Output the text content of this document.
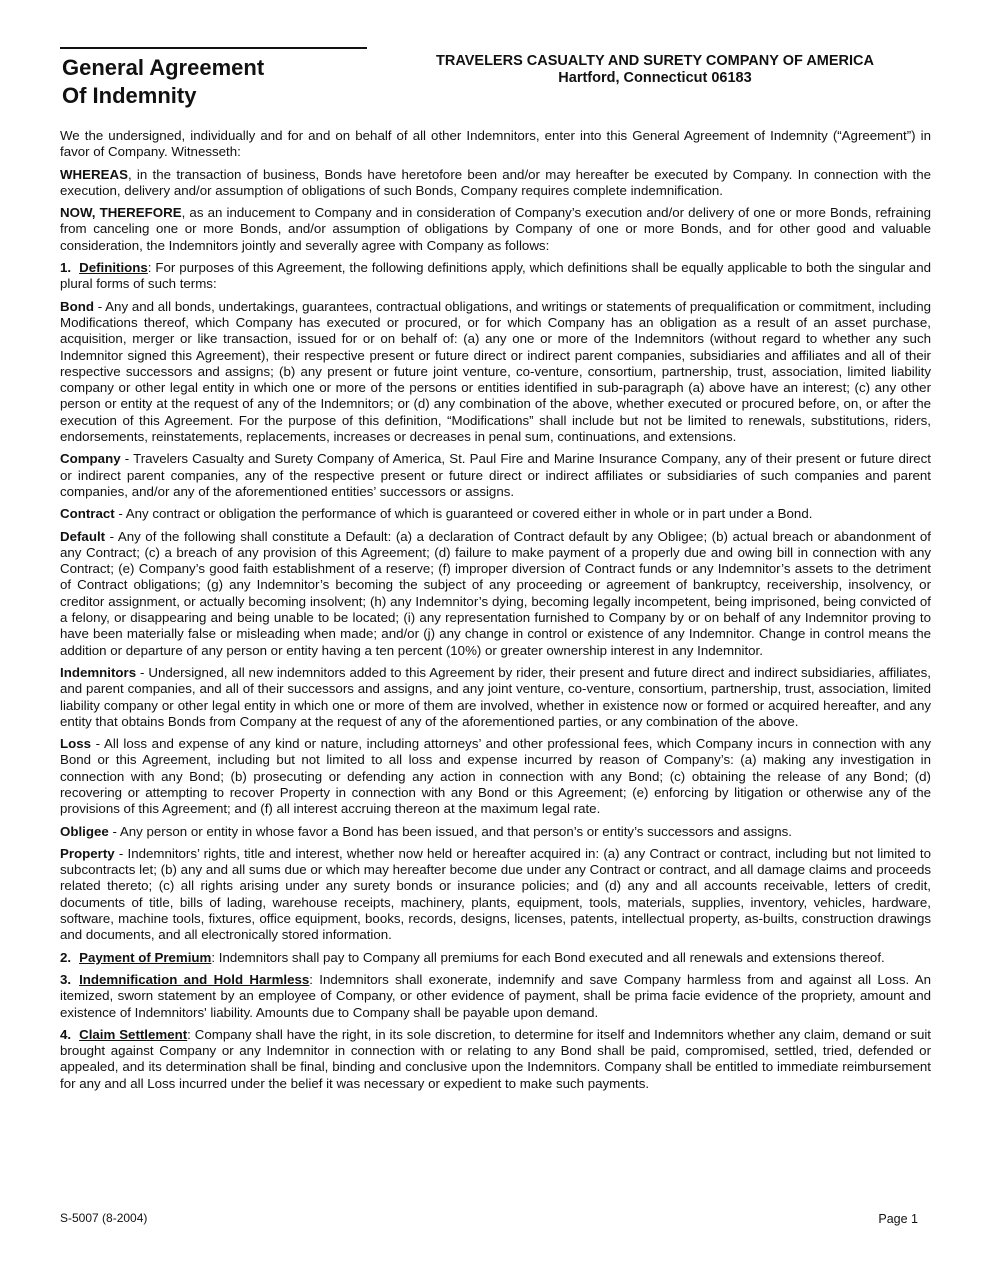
General Agreement
Of Indemnity
TRAVELERS CASUALTY AND SURETY COMPANY OF AMERICA
Hartford, Connecticut 06183

We the undersigned, individually and for and on behalf of all other Indemnitors, enter into this General Agreement of Indemnity (“Agreement”) in favor of Company. Witnesseth:

WHEREAS, in the transaction of business, Bonds have heretofore been and/or may hereafter be executed by Company. In connection with the execution, delivery and/or assumption of obligations of such Bonds, Company requires complete indemnification.

NOW, THEREFORE, as an inducement to Company and in consideration of Company’s execution and/or delivery of one or more Bonds, refraining from canceling one or more Bonds, and/or assumption of obligations by Company of one or more Bonds, and for other good and valuable consideration, the Indemnitors jointly and severally agree with Company as follows:

1. Definitions: For purposes of this Agreement, the following definitions apply, which definitions shall be equally applicable to both the singular and plural forms of such terms:

Bond - Any and all bonds, undertakings, guarantees, contractual obligations, and writings or statements of prequalification or commitment, including Modifications thereof, which Company has executed or procured, or for which Company has an obligation as a result of an asset purchase, acquisition, merger or like transaction, issued for or on behalf of: (a) any one or more of the Indemnitors (without regard to whether any such Indemnitor signed this Agreement), their respective present or future direct or indirect parent companies, subsidiaries and affiliates and all of their respective successors and assigns; (b) any present or future joint venture, co-venture, consortium, partnership, trust, association, limited liability company or other legal entity in which one or more of the persons or entities identified in sub-paragraph (a) above have an interest; (c) any other person or entity at the request of any of the Indemnitors; or (d) any combination of the above, whether executed or procured before, on, or after the execution of this Agreement. For the purpose of this definition, “Modifications” shall include but not be limited to renewals, substitutions, riders, endorsements, reinstatements, replacements, increases or decreases in penal sum, continuations, and extensions.

Company - Travelers Casualty and Surety Company of America, St. Paul Fire and Marine Insurance Company, any of their present or future direct or indirect parent companies, any of the respective present or future direct or indirect affiliates or subsidiaries of such companies and parent companies, and/or any of the aforementioned entities’ successors or assigns.

Contract - Any contract or obligation the performance of which is guaranteed or covered either in whole or in part under a Bond.

Default - Any of the following shall constitute a Default: (a) a declaration of Contract default by any Obligee; (b) actual breach or abandonment of any Contract; (c) a breach of any provision of this Agreement; (d) failure to make payment of a properly due and owing bill in connection with any Contract; (e) Company’s good faith establishment of a reserve; (f) improper diversion of Contract funds or any Indemnitor’s assets to the detriment of Contract obligations; (g) any Indemnitor’s becoming the subject of any proceeding or agreement of bankruptcy, receivership, insolvency, or creditor assignment, or actually becoming insolvent; (h) any Indemnitor’s dying, becoming legally incompetent, being imprisoned, being convicted of a felony, or disappearing and being unable to be located; (i) any representation furnished to Company by or on behalf of any Indemnitor proving to have been materially false or misleading when made; and/or (j) any change in control or existence of any Indemnitor. Change in control means the addition or departure of any person or entity having a ten percent (10%) or greater ownership interest in any Indemnitor.

Indemnitors - Undersigned, all new indemnitors added to this Agreement by rider, their present and future direct and indirect subsidiaries, affiliates, and parent companies, and all of their successors and assigns, and any joint venture, co-venture, consortium, partnership, trust, association, limited liability company or other legal entity in which one or more of them are involved, whether in existence now or formed or acquired hereafter, and any entity that obtains Bonds from Company at the request of any of the aforementioned parties, or any combination of the above.

Loss - All loss and expense of any kind or nature, including attorneys’ and other professional fees, which Company incurs in connection with any Bond or this Agreement, including but not limited to all loss and expense incurred by reason of Company’s: (a) making any investigation in connection with any Bond; (b) prosecuting or defending any action in connection with any Bond; (c) obtaining the release of any Bond; (d) recovering or attempting to recover Property in connection with any Bond or this Agreement; (e) enforcing by litigation or otherwise any of the provisions of this Agreement; and (f) all interest accruing thereon at the maximum legal rate.

Obligee - Any person or entity in whose favor a Bond has been issued, and that person’s or entity’s successors and assigns.

Property - Indemnitors’ rights, title and interest, whether now held or hereafter acquired in: (a) any Contract or contract, including but not limited to subcontracts let; (b) any and all sums due or which may hereafter become due under any Contract or contract, and all damage claims and proceeds related thereto; (c) all rights arising under any surety bonds or insurance policies; and (d) any and all accounts receivable, letters of credit, documents of title, bills of lading, warehouse receipts, machinery, plants, equipment, tools, materials, supplies, inventory, vehicles, hardware, software, machine tools, fixtures, office equipment, books, records, designs, licenses, patents, intellectual property, as-builts, construction drawings and documents, and all electronically stored information.

2. Payment of Premium: Indemnitors shall pay to Company all premiums for each Bond executed and all renewals and extensions thereof.

3. Indemnification and Hold Harmless: Indemnitors shall exonerate, indemnify and save Company harmless from and against all Loss. An itemized, sworn statement by an employee of Company, or other evidence of payment, shall be prima facie evidence of the propriety, amount and existence of Indemnitors' liability. Amounts due to Company shall be payable upon demand.

4. Claim Settlement: Company shall have the right, in its sole discretion, to determine for itself and Indemnitors whether any claim, demand or suit brought against Company or any Indemnitor in connection with or relating to any Bond shall be paid, compromised, settled, tried, defended or appealed, and its determination shall be final, binding and conclusive upon the Indemnitors. Company shall be entitled to immediate reimbursement for any and all Loss incurred under the belief it was necessary or expedient to make such payments.

S-5007 (8-2004)	Page 1
